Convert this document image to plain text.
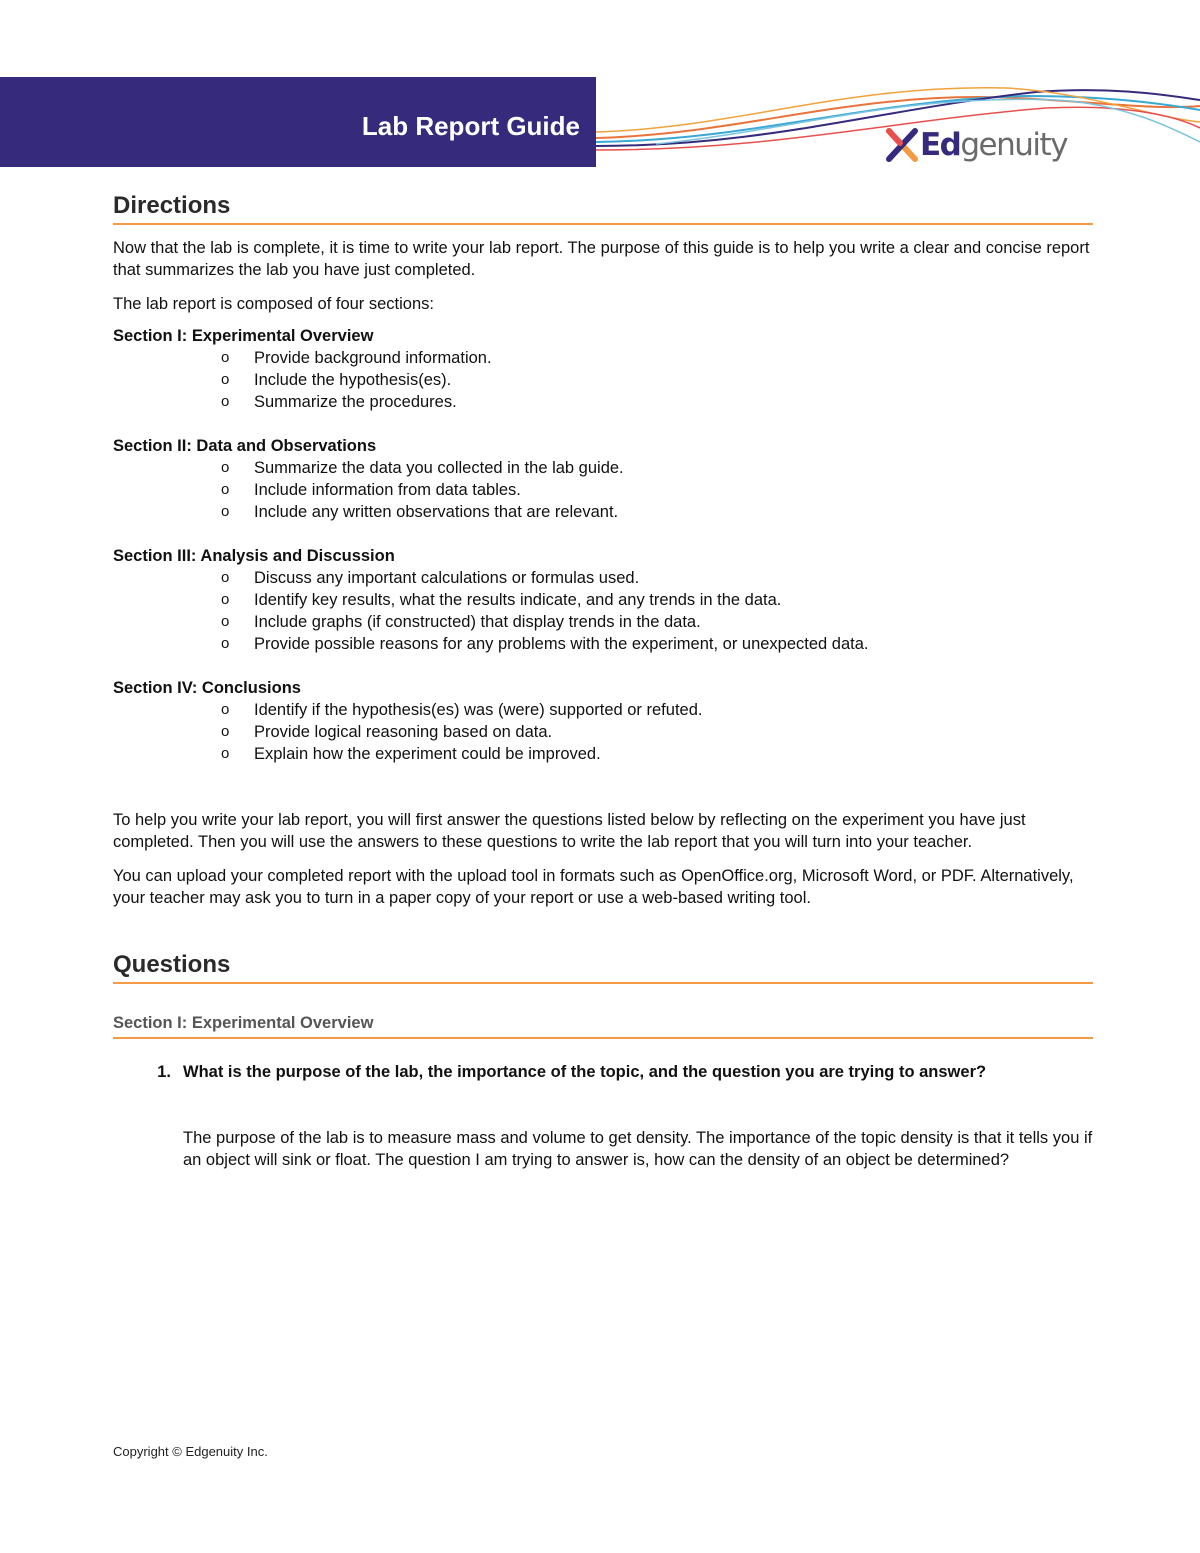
Lab Report Guide
Edgenuity
Directions

Now that the lab is complete, it is time to write your lab report. The purpose of this guide is to help you write a clear and concise report that summarizes the lab you have just completed.

The lab report is composed of four sections:

Section I: Experimental Overview
o Provide background information.
o Include the hypothesis(es).
o Summarize the procedures.
Section II: Data and Observations
o Summarize the data you collected in the lab guide.
o Include information from data tables.
o Include any written observations that are relevant.
Section III: Analysis and Discussion
o Discuss any important calculations or formulas used.
o Identify key results, what the results indicate, and any trends in the data.
o Include graphs (if constructed) that display trends in the data.
o Provide possible reasons for any problems with the experiment, or unexpected data.
Section IV: Conclusions
o Identify if the hypothesis(es) was (were) supported or refuted.
o Provide logical reasoning based on data.
o Explain how the experiment could be improved.

To help you write your lab report, you will first answer the questions listed below by reflecting on the experiment you have just completed. Then you will use the answers to these questions to write the lab report that you will turn into your teacher.

You can upload your completed report with the upload tool in formats such as OpenOffice.org, Microsoft Word, or PDF. Alternatively, your teacher may ask you to turn in a paper copy of your report or use a web-based writing tool.

Questions
Section I: Experimental Overview
1. What is the purpose of the lab, the importance of the topic, and the question you are trying to answer?

The purpose of the lab is to measure mass and volume to get density. The importance of the topic density is that it tells you if an object will sink or float. The question I am trying to answer is, how can the density of an object be determined?

Copyright © Edgenuity Inc.
